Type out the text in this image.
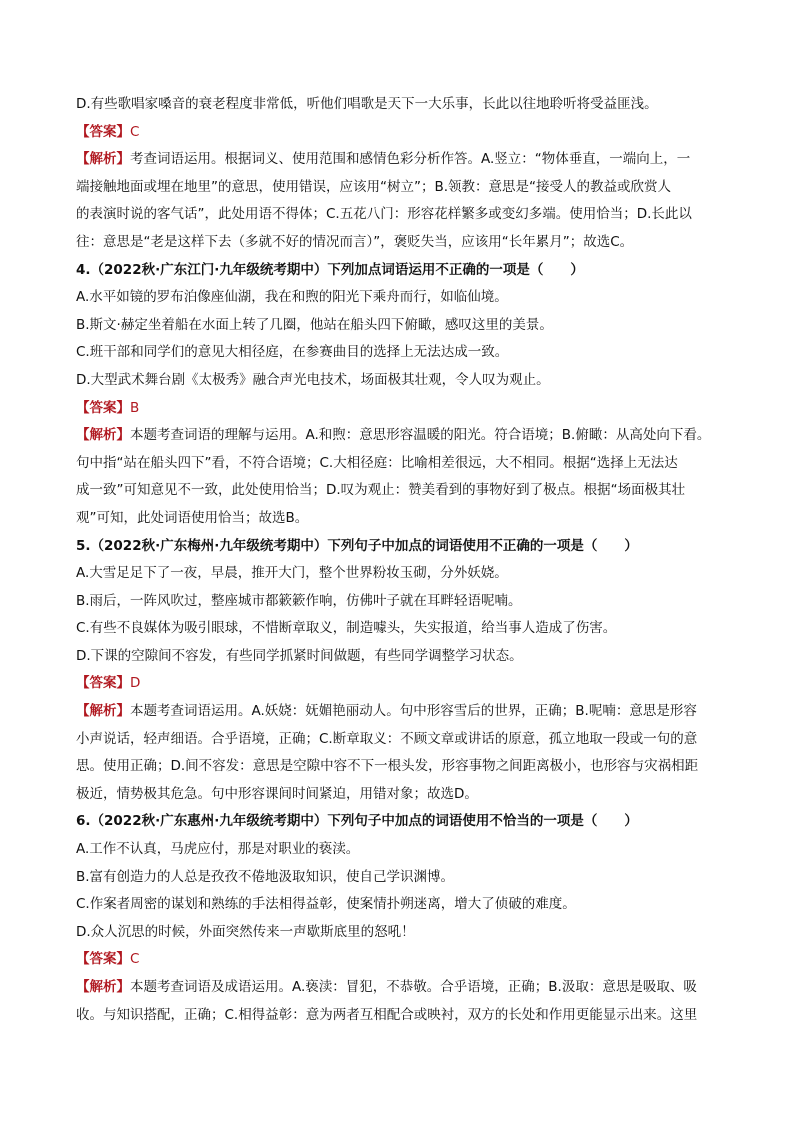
D.有些歌唱家嗓音的衰老程度非常低，听他们唱歌是天下一大乐事，长此以往地聆听将受益匪浅。
【答案】C
【解析】考查词语运用。根据词义、使用范围和感情色彩分析作答。A.竖立：“物体垂直，一端向上，一
端接触地面或埋在地里”的意思，使用错误，应该用“树立”；B.领教：意思是“接受人的教益或欣赏人
的表演时说的客气话”，此处用语不得体；C.五花八门：形容花样繁多或变幻多端。使用恰当；D.长此以
往：意思是“老是这样下去（多就不好的情况而言）”，褒贬失当，应该用“长年累月”；故选C。
4.（2022秋·广东江门·九年级统考期中）下列加点词语运用不正确的一项是（　　）
A.水平如镜的罗布泊像座仙湖，我在和煦的阳光下乘舟而行，如临仙境。
B.斯文·赫定坐着船在水面上转了几圈，他站在船头四下俯瞰，感叹这里的美景。
C.班干部和同学们的意见大相径庭，在参赛曲目的选择上无法达成一致。
D.大型武术舞台剧《太极秀》融合声光电技术，场面极其壮观，令人叹为观止。
【答案】B
【解析】本题考查词语的理解与运用。A.和煦：意思形容温暖的阳光。符合语境；B.俯瞰：从高处向下看。
句中指“站在船头四下”看，不符合语境；C.大相径庭：比喻相差很远，大不相同。根据“选择上无法达
成一致”可知意见不一致，此处使用恰当；D.叹为观止：赞美看到的事物好到了极点。根据“场面极其壮
观”可知，此处词语使用恰当；故选B。
5.（2022秋·广东梅州·九年级统考期中）下列句子中加点的词语使用不正确的一项是（　　）
A.大雪足足下了一夜，早晨，推开大门，整个世界粉妆玉砌，分外妖娆。
B.雨后，一阵风吹过，整座城市都簌簌作响，仿佛叶子就在耳畔轻语呢喃。
C.有些不良媒体为吸引眼球，不惜断章取义，制造噱头，失实报道，给当事人造成了伤害。
D.下课的空隙间不容发，有些同学抓紧时间做题，有些同学调整学习状态。
【答案】D
【解析】本题考查词语运用。A.妖娆：妩媚艳丽动人。句中形容雪后的世界，正确；B.呢喃：意思是形容
小声说话，轻声细语。合乎语境，正确；C.断章取义：不顾文章或讲话的原意，孤立地取一段或一句的意
思。使用正确；D.间不容发：意思是空隙中容不下一根头发，形容事物之间距离极小，也形容与灾祸相距
极近，情势极其危急。句中形容课间时间紧迫，用错对象；故选D。
6.（2022秋·广东惠州·九年级统考期中）下列句子中加点的词语使用不恰当的一项是（　　）
A.工作不认真，马虎应付，那是对职业的亵渎。
B.富有创造力的人总是孜孜不倦地汲取知识，使自己学识渊博。
C.作案者周密的谋划和熟练的手法相得益彰，使案情扑朔迷离，增大了侦破的难度。
D.众人沉思的时候，外面突然传来一声歇斯底里的怒吼！
【答案】C
【解析】本题考查词语及成语运用。A.亵渎：冒犯，不恭敬。合乎语境，正确；B.汲取：意思是吸取、吸
收。与知识搭配，正确；C.相得益彰：意为两者互相配合或映衬，双方的长处和作用更能显示出来。这里
